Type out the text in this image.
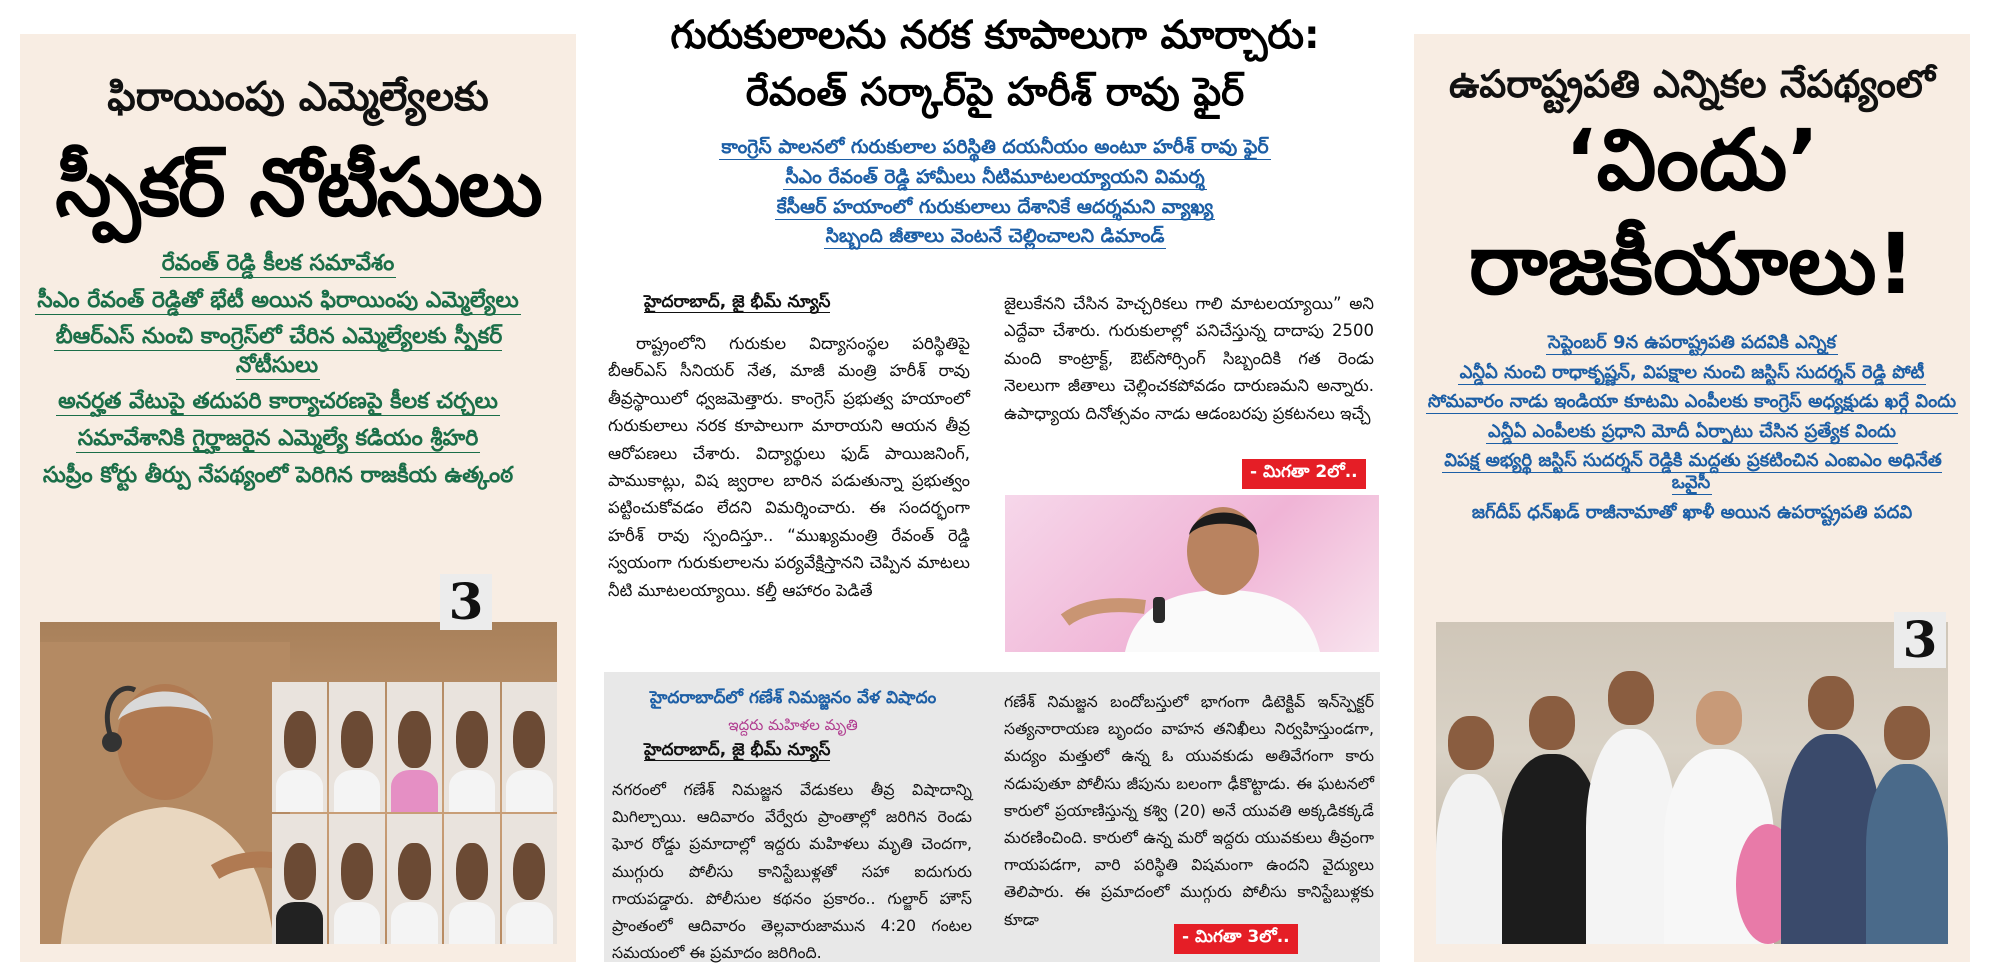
ఫిరాయింపు ఎమ్మెల్యేలకు
స్పీకర్ నోటీసులు
రేవంత్ రెడ్డి కీలక సమావేశం
సీఎం రేవంత్ రెడ్డితో భేటీ అయిన ఫిరాయింపు ఎమ్మెల్యేలు
బీఆర్ఎస్ నుంచి కాంగ్రెస్‌లో చేరిన ఎమ్మెల్యేలకు స్పీకర్ నోటీసులు
అనర్హత వేటుపై తదుపరి కార్యాచరణపై కీలక చర్చలు
సమావేశానికి గైర్హాజరైన ఎమ్మెల్యే కడియం శ్రీహరి
సుప్రీం కోర్టు తీర్పు నేపథ్యంలో పెరిగిన రాజకీయ ఉత్కంఠ
3
గురుకులాలను నరక కూపాలుగా మార్చారు:
రేవంత్ సర్కార్‌పై హరీశ్ రావు ఫైర్
కాంగ్రెస్ పాలనలో గురుకులాల పరిస్థితి దయనీయం అంటూ హరీశ్ రావు ఫైర్
సీఎం రేవంత్ రెడ్డి హామీలు నీటిమూటలయ్యాయని విమర్శ
కేసీఆర్ హయాంలో గురుకులాలు దేశానికే ఆదర్శమని వ్యాఖ్య
సిబ్బంది జీతాలు వెంటనే చెల్లించాలని డిమాండ్
హైదరాబాద్, జై భీమ్ న్యూస్
రాష్ట్రంలోని గురుకుల విద్యాసంస్థల పరిస్థితిపై బీఆర్ఎస్ సీనియర్ నేత, మాజీ మంత్రి హరీశ్ రావు తీవ్రస్థాయిలో ధ్వజమెత్తారు. కాంగ్రెస్ ప్రభుత్వ హయాంలో గురుకులాలు నరక కూపాలుగా మారాయని ఆయన తీవ్ర ఆరోపణలు చేశారు. విద్యార్థులు ఫుడ్ పాయిజనింగ్, పాముకాట్లు, విష జ్వరాల బారిన పడుతున్నా ప్రభుత్వం పట్టించుకోవడం లేదని విమర్శించారు. ఈ సందర్భంగా హరీశ్ రావు స్పందిస్తూ.. “ముఖ్యమంత్రి రేవంత్ రెడ్డి స్వయంగా గురుకులాలను పర్యవేక్షిస్తానని చెప్పిన మాటలు నీటి మూటలయ్యాయి. కల్తీ ఆహారం పెడితే
జైలుకేనని చేసిన హెచ్చరికలు గాలి మాటలయ్యాయి” అని ఎద్దేవా చేశారు. గురుకులాల్లో పనిచేస్తున్న దాదాపు 2500 మంది కాంట్రాక్ట్, ఔట్‌సోర్సింగ్ సిబ్బందికి గత రెండు నెలలుగా జీతాలు చెల్లించకపోవడం దారుణమని అన్నారు. ఉపాధ్యాయ దినోత్సవం నాడు ఆడంబరపు ప్రకటనలు ఇచ్చే
- మిగతా 2లో..
హైదరాబాద్‌లో గణేశ్ నిమజ్జనం వేళ విషాదం
ఇద్దరు మహిళల మృతి
హైదరాబాద్, జై భీమ్ న్యూస్
నగరంలో గణేశ్ నిమజ్జన వేడుకలు తీవ్ర విషాదాన్ని మిగిల్చాయి. ఆదివారం వేర్వేరు ప్రాంతాల్లో జరిగిన రెండు ఘోర రోడ్డు ప్రమాదాల్లో ఇద్దరు మహిళలు మృతి చెందగా, ముగ్గురు పోలీసు కానిస్టేబుళ్లతో సహా ఐదుగురు గాయపడ్డారు. పోలీసుల కథనం ప్రకారం.. గుల్జార్ హౌస్ ప్రాంతంలో ఆదివారం తెల్లవారుజామున 4:20 గంటల సమయంలో ఈ ప్రమాదం జరిగింది.
గణేశ్ నిమజ్జన బందోబస్తులో భాగంగా డిటెక్టివ్ ఇన్‌స్పెక్టర్ సత్యనారాయణ బృందం వాహన తనిఖీలు నిర్వహిస్తుండగా, మద్యం మత్తులో ఉన్న ఓ యువకుడు అతివేగంగా కారు నడుపుతూ పోలీసు జీపును బలంగా ఢీకొట్టాడు. ఈ ఘటనలో కారులో ప్రయాణిస్తున్న కశ్వి (20) అనే యువతి అక్కడికక్కడే మరణించింది. కారులో ఉన్న మరో ఇద్దరు యువకులు తీవ్రంగా గాయపడగా, వారి పరిస్థితి విషమంగా ఉందని వైద్యులు తెలిపారు. ఈ ప్రమాదంలో ముగ్గురు పోలీసు కానిస్టేబుళ్లకు కూడా
- మిగతా 3లో..
ఉపరాష్ట్రపతి ఎన్నికల నేపథ్యంలో
‘విందు’
రాజకీయాలు!
సెప్టెంబర్ 9న ఉపరాష్ట్రపతి పదవికి ఎన్నిక
ఎన్డీఏ నుంచి రాధాకృష్ణన్, విపక్షాల నుంచి జస్టిస్ సుదర్శన్ రెడ్డి పోటీ
సోమవారం నాడు ఇండియా కూటమి ఎంపీలకు కాంగ్రెస్ అధ్యక్షుడు ఖర్గే విందు
ఎన్డీఏ ఎంపీలకు ప్రధాని మోదీ ఏర్పాటు చేసిన ప్రత్యేక విందు
విపక్ష అభ్యర్థి జస్టిస్ సుదర్శన్ రెడ్డికి మద్దతు ప్రకటించిన ఎంఐఎం అధినేత ఒవైసీ
జగ్‌దీప్ ధన్‌ఖడ్ రాజీనామాతో ఖాళీ అయిన ఉపరాష్ట్రపతి పదవి
3
